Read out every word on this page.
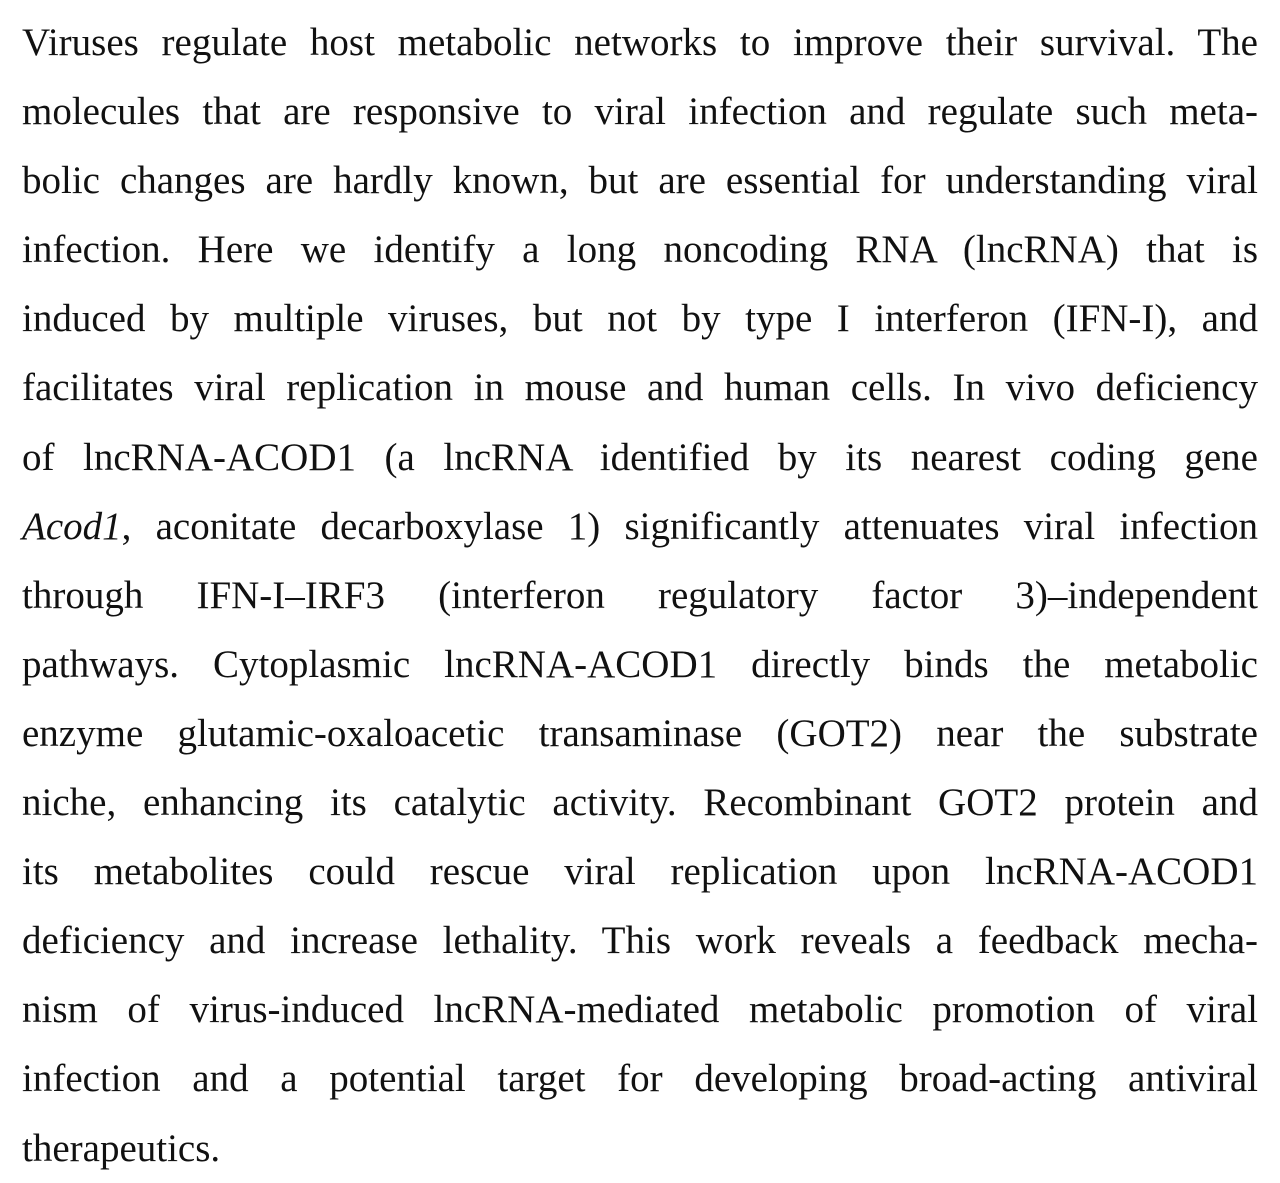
Viruses regulate host metabolic networks to improve their survival. The
molecules that are responsive to viral infection and regulate such meta-
bolic changes are hardly known, but are essential for understanding viral
infection. Here we identify a long noncoding RNA (lncRNA) that is
induced by multiple viruses, but not by type I interferon (IFN-I), and
facilitates viral replication in mouse and human cells. In vivo deficiency
of lncRNA-ACOD1 (a lncRNA identified by its nearest coding gene
Acod1, aconitate decarboxylase 1) significantly attenuates viral infection
through IFN-I–IRF3 (interferon regulatory factor 3)–independent
pathways. Cytoplasmic lncRNA-ACOD1 directly binds the metabolic
enzyme glutamic-oxaloacetic transaminase (GOT2) near the substrate
niche, enhancing its catalytic activity. Recombinant GOT2 protein and
its metabolites could rescue viral replication upon lncRNA-ACOD1
deficiency and increase lethality. This work reveals a feedback mecha-
nism of virus-induced lncRNA-mediated metabolic promotion of viral
infection and a potential target for developing broad-acting antiviral
therapeutics.
